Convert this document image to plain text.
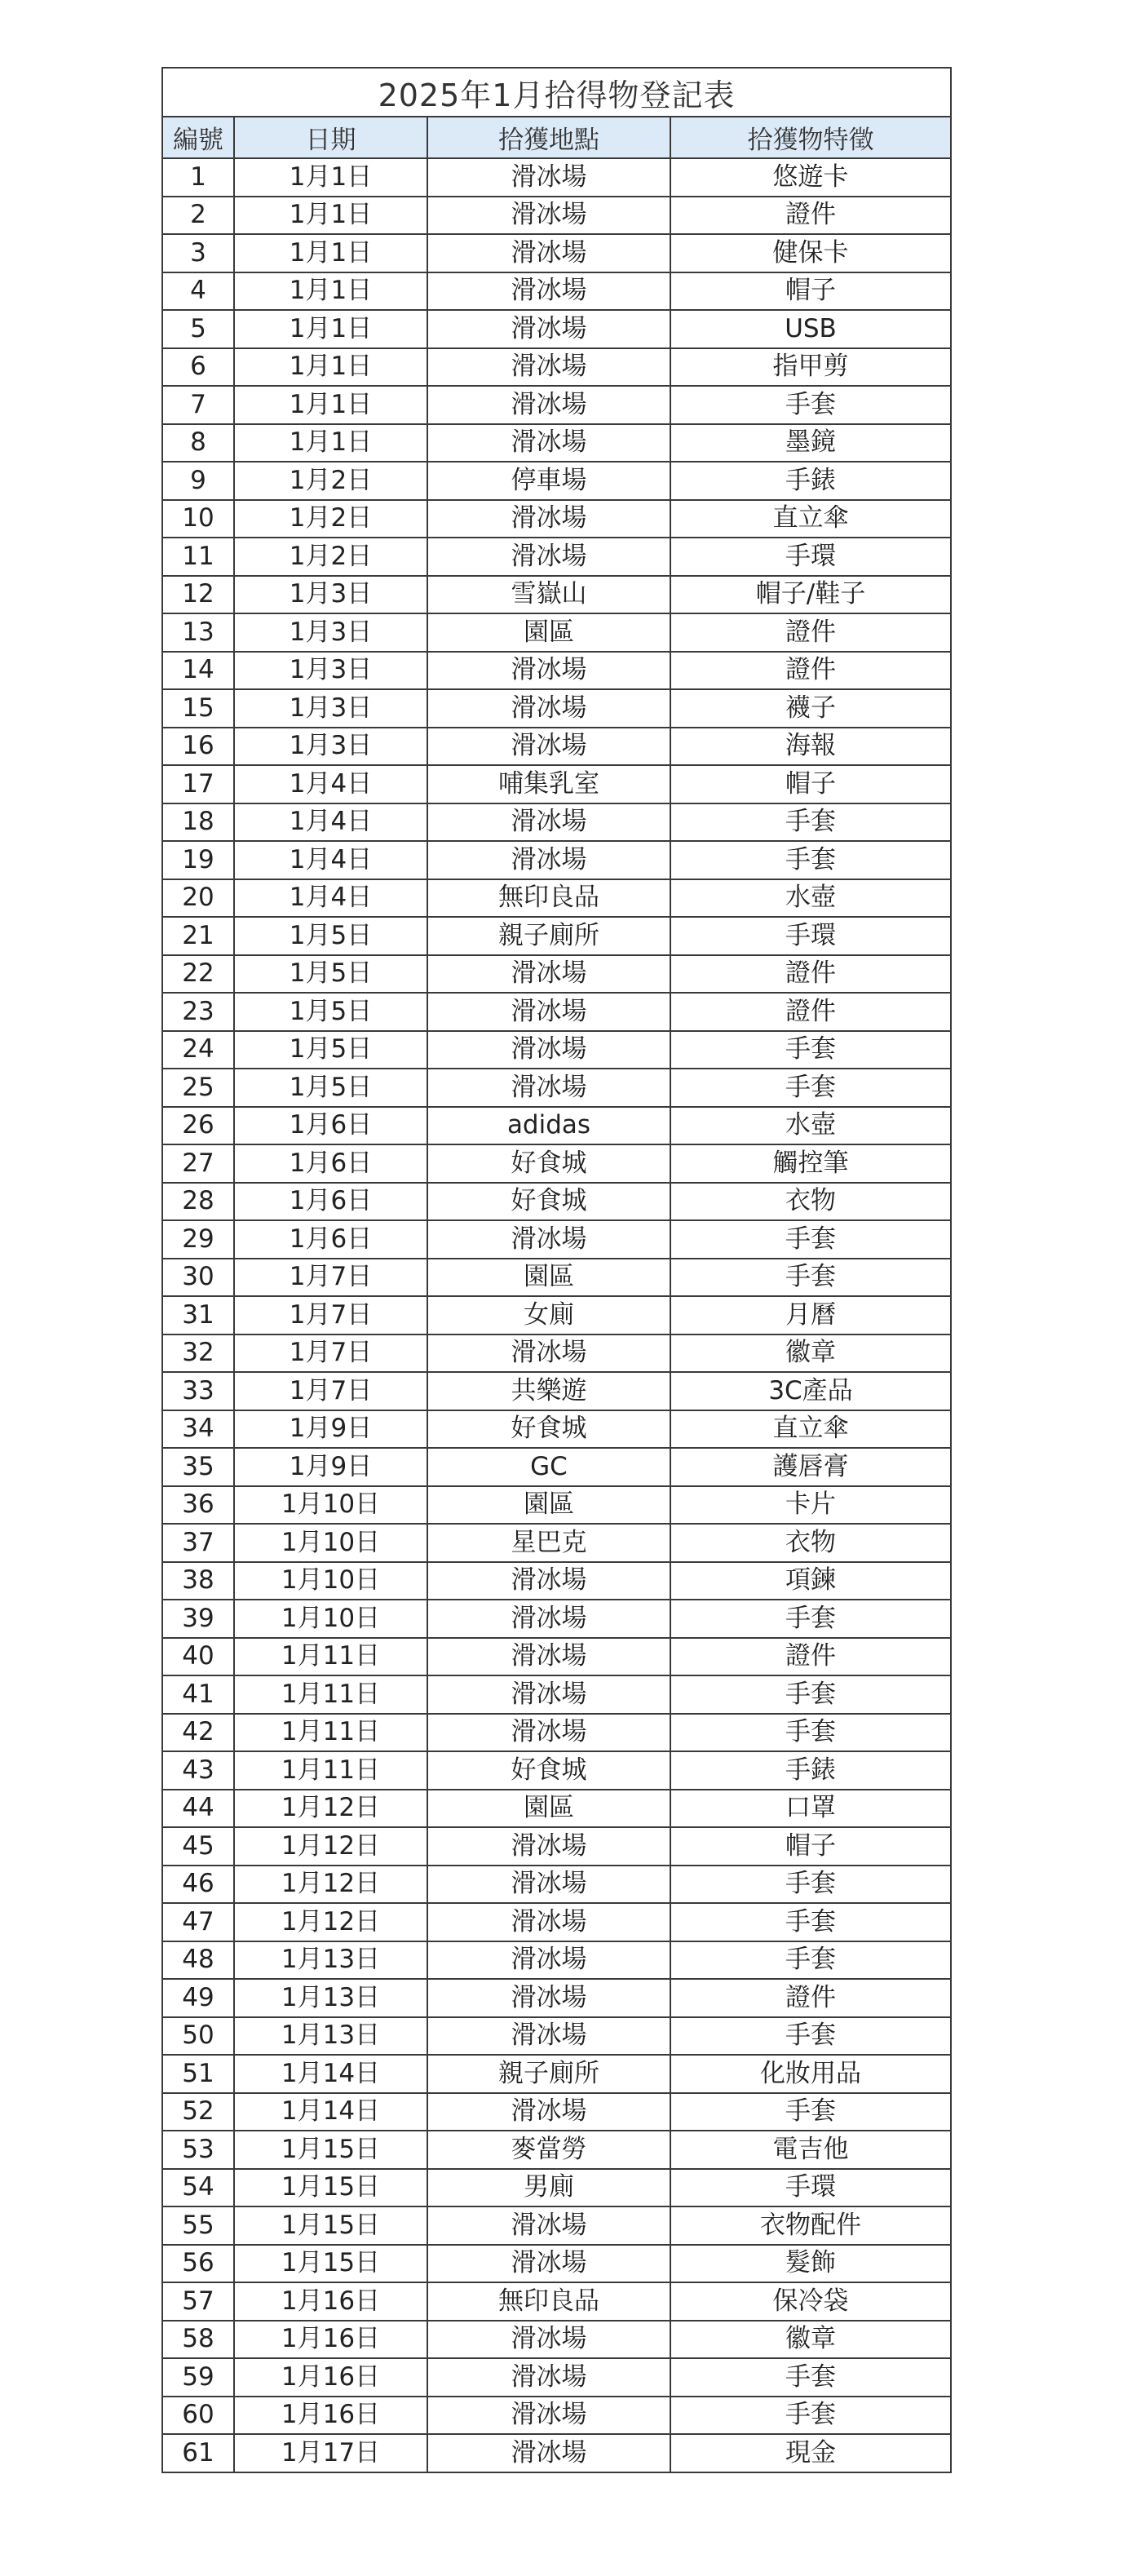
2025年1月拾得物登記表			
編號	日期	拾獲地點	拾獲物特徵
1	1月1日	滑冰場	悠遊卡
2	1月1日	滑冰場	證件
3	1月1日	滑冰場	健保卡
4	1月1日	滑冰場	帽子
5	1月1日	滑冰場	USB
6	1月1日	滑冰場	指甲剪
7	1月1日	滑冰場	手套
8	1月1日	滑冰場	墨鏡
9	1月2日	停車場	手錶
10	1月2日	滑冰場	直立傘
11	1月2日	滑冰場	手環
12	1月3日	雪嶽山	帽子/鞋子
13	1月3日	園區	證件
14	1月3日	滑冰場	證件
15	1月3日	滑冰場	襪子
16	1月3日	滑冰場	海報
17	1月4日	哺集乳室	帽子
18	1月4日	滑冰場	手套
19	1月4日	滑冰場	手套
20	1月4日	無印良品	水壺
21	1月5日	親子廁所	手環
22	1月5日	滑冰場	證件
23	1月5日	滑冰場	證件
24	1月5日	滑冰場	手套
25	1月5日	滑冰場	手套
26	1月6日	adidas	水壺
27	1月6日	好食城	觸控筆
28	1月6日	好食城	衣物
29	1月6日	滑冰場	手套
30	1月7日	園區	手套
31	1月7日	女廁	月曆
32	1月7日	滑冰場	徽章
33	1月7日	共樂遊	3C產品
34	1月9日	好食城	直立傘
35	1月9日	GC	護唇膏
36	1月10日	園區	卡片
37	1月10日	星巴克	衣物
38	1月10日	滑冰場	項鍊
39	1月10日	滑冰場	手套
40	1月11日	滑冰場	證件
41	1月11日	滑冰場	手套
42	1月11日	滑冰場	手套
43	1月11日	好食城	手錶
44	1月12日	園區	口罩
45	1月12日	滑冰場	帽子
46	1月12日	滑冰場	手套
47	1月12日	滑冰場	手套
48	1月13日	滑冰場	手套
49	1月13日	滑冰場	證件
50	1月13日	滑冰場	手套
51	1月14日	親子廁所	化妝用品
52	1月14日	滑冰場	手套
53	1月15日	麥當勞	電吉他
54	1月15日	男廁	手環
55	1月15日	滑冰場	衣物配件
56	1月15日	滑冰場	髮飾
57	1月16日	無印良品	保冷袋
58	1月16日	滑冰場	徽章
59	1月16日	滑冰場	手套
60	1月16日	滑冰場	手套
61	1月17日	滑冰場	現金
